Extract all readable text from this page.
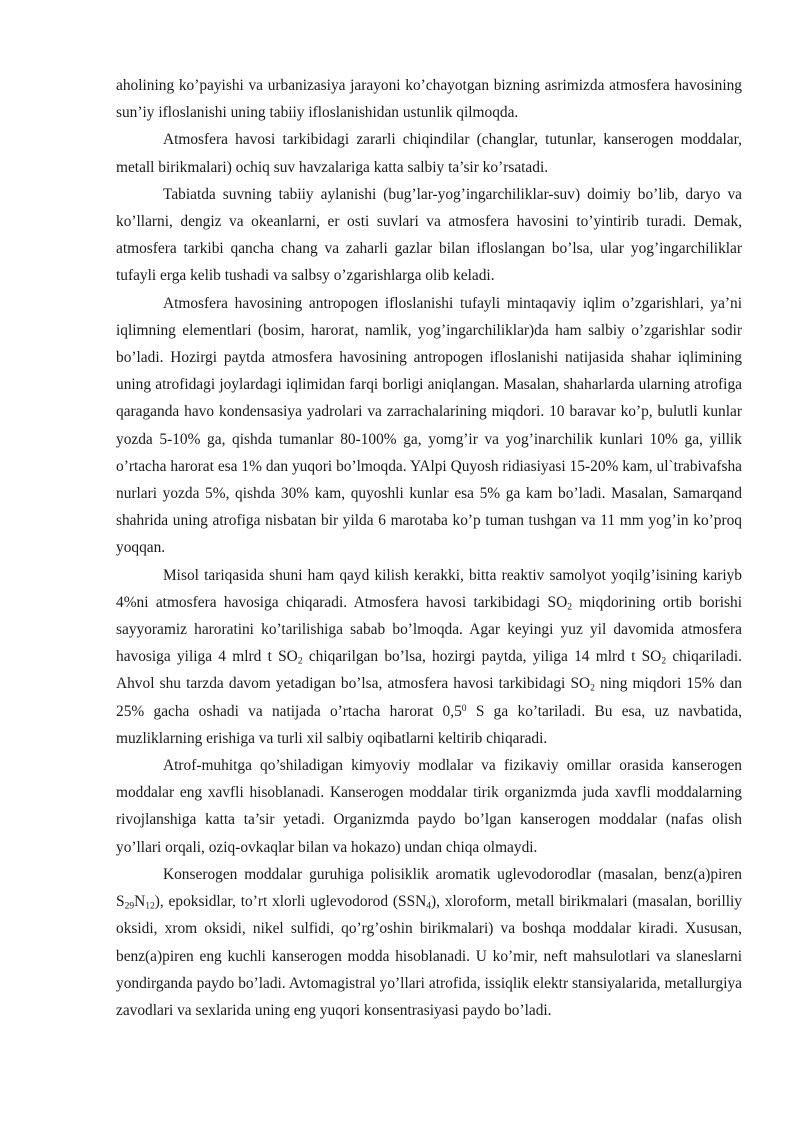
aholining ko’payishi va urbanizasiya jarayoni ko’chayotgan bizning asrimizda atmosfera havosining sun’iy ifloslanishi uning tabiiy ifloslanishidan ustunlik qilmoqda.

Atmosfera havosi tarkibidagi zararli chiqindilar (changlar, tutunlar, kanserogen moddalar, metall birikmalari) ochiq suv havzalariga katta salbiy ta’sir ko’rsatadi.

Tabiatda suvning tabiiy aylanishi (bug’lar-yog’ingarchiliklar-suv) doimiy bo’lib, daryo va ko’llarni, dengiz va okeanlarni, er osti suvlari va atmosfera havosini to’yintirib turadi. Demak, atmosfera tarkibi qancha chang va zaharli gazlar bilan ifloslangan bo’lsa, ular yog’ingarchiliklar tufayli erga kelib tushadi va salbsy o’zgarishlarga olib keladi.

Atmosfera havosining antropogen ifloslanishi tufayli mintaqaviy iqlim o’zgarishlari, ya’ni iqlimning elementlari (bosim, harorat, namlik, yog’ingarchiliklar)da ham salbiy o’zgarishlar sodir bo’ladi. Hozirgi paytda atmosfera havosining antropogen ifloslanishi natijasida shahar iqlimining uning atrofidagi joylardagi iqlimidan farqi borligi aniqlangan. Masalan, shaharlarda ularning atrofiga qaraganda havo kondensasiya yadrolari va zarrachalarining miqdori. 10 baravar ko’p, bulutli kunlar yozda 5-10% ga, qishda tumanlar 80-100% ga, yomg’ir va yog’inarchilik kunlari 10% ga, yillik o’rtacha harorat esa 1% dan yuqori bo’lmoqda. YAlpi Quyosh ridiasiyasi 15-20% kam, ul`trabivafsha nurlari yozda 5%, qishda 30% kam, quyoshli kunlar esa 5% ga kam bo’ladi. Masalan, Samarqand shahrida uning atrofiga nisbatan bir yilda 6 marotaba ko’p tuman tushgan va 11 mm yog’in ko’proq yoqqan.

Misol tariqasida shuni ham qayd kilish kerakki, bitta reaktiv samolyot yoqilg’isining kariyb 4%ni atmosfera havosiga chiqaradi. Atmosfera havosi tarkibidagi $SO_2$ miqdorining ortib borishi sayyoramiz haroratini ko’tarilishiga sabab bo’lmoqda. Agar keyingi yuz yil davomida atmosfera havosiga yiliga 4 mlrd t $SO_2$ chiqarilgan bo’lsa, hozirgi paytda, yiliga 14 mlrd t $SO_2$ chiqariladi. Ahvol shu tarzda davom yetadigan bo’lsa, atmosfera havosi tarkibidagi $SO_2$ ning miqdori 15% dan 25% gacha oshadi va natijada o’rtacha harorat $0,5^0$ S ga ko’tariladi. Bu esa, uz navbatida, muzliklarning erishiga va turli xil salbiy oqibatlarni keltirib chiqaradi.

Atrof-muhitga qo’shiladigan kimyoviy modlalar va fizikaviy omillar orasida kanserogen moddalar eng xavfli hisoblanadi. Kanserogen moddalar tirik organizmda juda xavfli moddalarning rivojlanshiga katta ta’sir yetadi. Organizmda paydo bo’lgan kanserogen moddalar (nafas olish yo’llari orqali, oziq-ovkaqlar bilan va hokazo) undan chiqa olmaydi.

Konserogen moddalar guruhiga polisiklik aromatik uglevodorodlar (masalan, benz(a)piren $S_{29}N_{12}$), epoksidlar, to’rt xlorli uglevodorod $(SSN_4)$, xloroform, metall birikmalari (masalan, borilliy oksidi, xrom oksidi, nikel sulfidi, qo’rg’oshin birikmalari) va boshqa moddalar kiradi. Xususan, benz(a)piren eng kuchli kanserogen modda hisoblanadi. U ko’mir, neft mahsulotlari va slaneslarni yondirganda paydo bo’ladi. Avtomagistral yo’llari atrofida, issiqlik elektr stansiyalarida, metallurgiya zavodlari va sexlarida uning eng yuqori konsentrasiyasi paydo bo’ladi.
